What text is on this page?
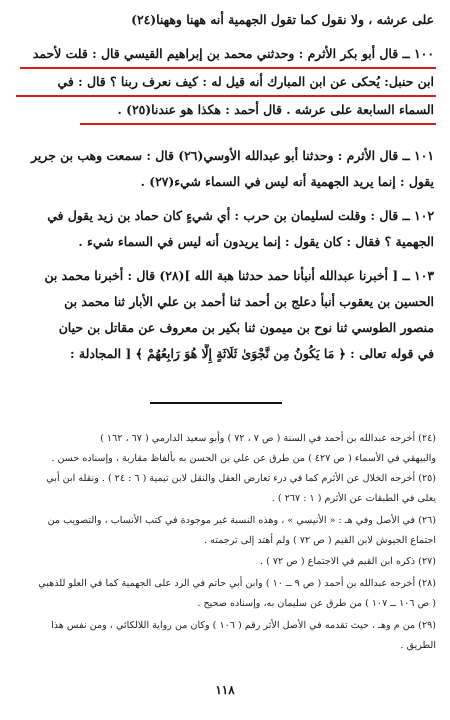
على عرشه ، ولا نقول كما تقول الجهمية أنه ههنا وههنا(٢٤)
١٠٠ ــ قال أبو بكر الأثرم : وحدثني محمد بن إبراهيم القيسي قال : قلت لأحمد
ابن حنبل: يُحكى عن ابن المبارك أنه قيل له : كيف نعرف ربنا ؟ قال : في
السماء السابعة على عرشه . قال أحمد : هكذا هو عندنا(٢٥) .
١٠١ ــ قال الأثرم : وحدثنا أبو عبدالله الأوسي(٢٦) قال : سمعت وهب بن جرير
يقول : إنما يريد الجهمية أنه ليس في السماء شيء(٢٧) .
١٠٢ ــ قال : وقلت لسليمان بن حرب : أي شيءٍ كان حماد بن زيد يقول في
الجهمية ؟ فقال : كان يقول : إنما يريدون أنه ليس في السماء شيء .
١٠٣ ــ [ أخبرنا عبدالله أنبأنا حمد حدثنا هبة الله ](٢٨) قال : أخبرنا محمد بن
الحسين بن يعقوب أنبأ دعلج بن أحمد ثنا أحمد بن علي الأبار ثنا محمد بن
منصور الطوسي ثنا نوح بن ميمون ثنا بكير بن معروف عن مقاتل بن حيان
في قوله تعالى : ﴿ مَا يَكُونُ مِن نَّجْوَىٰ ثَلَاثَةٍ إِلَّا هُوَ رَابِعُهُمْ ﴾ [ المجادلة :
(٢٤) أخرجه عبدالله بن أحمد في السنة ( ص ٧ ، ٧٢ ) وأبو سعيد الدارمي ( ٦٧ ، ١٦٢ )
والبيهقي في الأسماء ( ص ٤٢٧ ) من طرق عن علي بن الحسن به بألفاظ مقاربة ، وإسناده حسن .
(٢٥) أخرجه الخلال عن الأثرم كما في درء تعارض العقل والنقل لابن تيمية ( ٦ : ٢٤ ) . ونقله ابن أبي
يعلى في الطبقات عن الأثرم ( ١ : ٢٦٧ ) .
(٢٦) في الأصل وفي هـ : « الأنيسي » ، وهذه النسبة غير موجودة في كتب الأنساب ، والتصويب من
اجتماع الجيوش لابن القيم ( ص ٧٢ ) ولم أهتد إلى ترجمته .
(٢٧) ذكره ابن القيم في الاجتماع ( ص ٧٢ ) .
(٢٨) أخرجه عبدالله بن أحمد ( ص ٩ ــ ١٠ ) وابن أبي حاتم في الرد على الجهمية كما في العلو للذهبي
( ص ١٠٦ ــ ١٠٧ ) من طرق عن سليمان به، وإسناده صحيح .
(٢٩) من م وهـ ، حيث تقدمه في الأصل الأثر رقم ( ١٠٦ ) وكان من رواية اللالكائي ، ومن نفس هذا
الطريق .
١١٨
